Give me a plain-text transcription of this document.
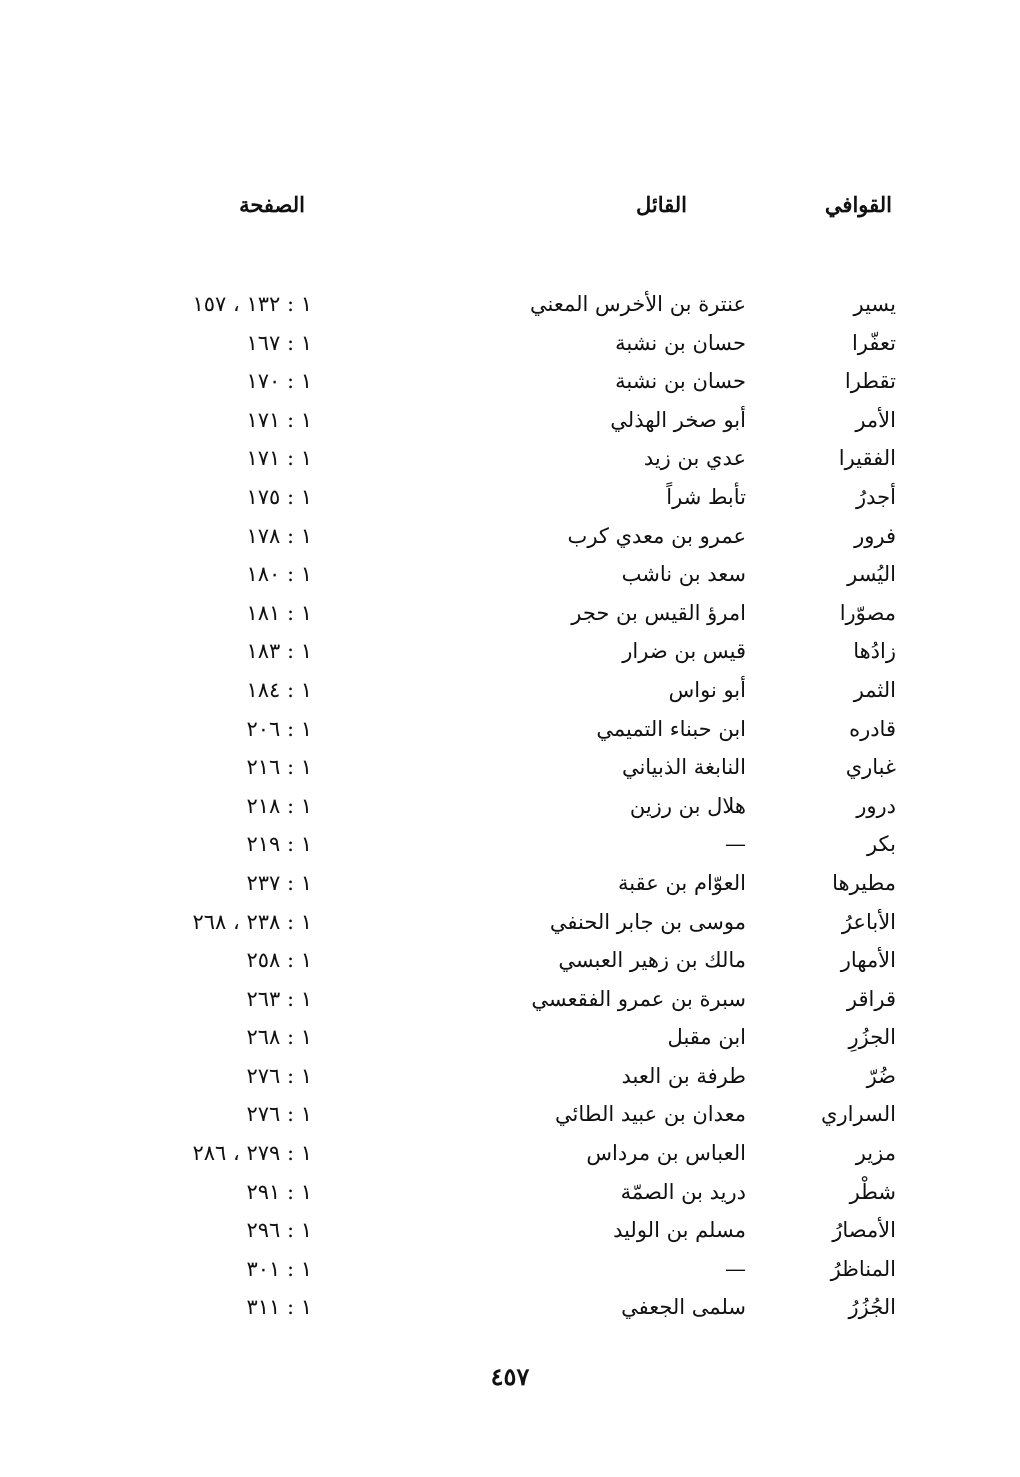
القوافي
القائل
الصفحة
يسير
عنترة بن الأخرس المعني
١ : ١٣٢ ، ١٥٧
تعفّرا
حسان بن نشبة
١ : ١٦٧
تقطرا
حسان بن نشبة
١ : ١٧٠
الأمر
أبو صخر الهذلي
١ : ١٧١
الفقيرا
عدي بن زيد
١ : ١٧١
أجدرُ
تأبط شراً
١ : ١٧٥
فرور
عمرو بن معدي كرب
١ : ١٧٨
اليُسر
سعد بن ناشب
١ : ١٨٠
مصوّرا
امرؤ القيس بن حجر
١ : ١٨١
زادُها
قيس بن ضرار
١ : ١٨٣
الثمر
أبو نواس
١ : ١٨٤
قادره
ابن حبناء التميمي
١ : ٢٠٦
غباري
النابغة الذبياني
١ : ٢١٦
درور
هلال بن رزين
١ : ٢١٨
بكر
—
١ : ٢١٩
مطيرها
العوّام بن عقبة
١ : ٢٣٧
الأباعرُ
موسى بن جابر الحنفي
١ : ٢٣٨ ، ٢٦٨
الأمهار
مالك بن زهير العبسي
١ : ٢٥٨
قراقر
سبرة بن عمرو الفقعسي
١ : ٢٦٣
الجزُرِ
ابن مقبل
١ : ٢٦٨
ضُرّ
طرفة بن العبد
١ : ٢٧٦
السراري
معدان بن عبيد الطائي
١ : ٢٧٦
مزير
العباس بن مرداس
١ : ٢٧٩ ، ٢٨٦
شطْر
دريد بن الصمّة
١ : ٢٩١
الأمصارُ
مسلم بن الوليد
١ : ٢٩٦
المناظرُ
—
١ : ٣٠١
الجُزُرُ
سلمى الجعفي
١ : ٣١١
٤٥٧
